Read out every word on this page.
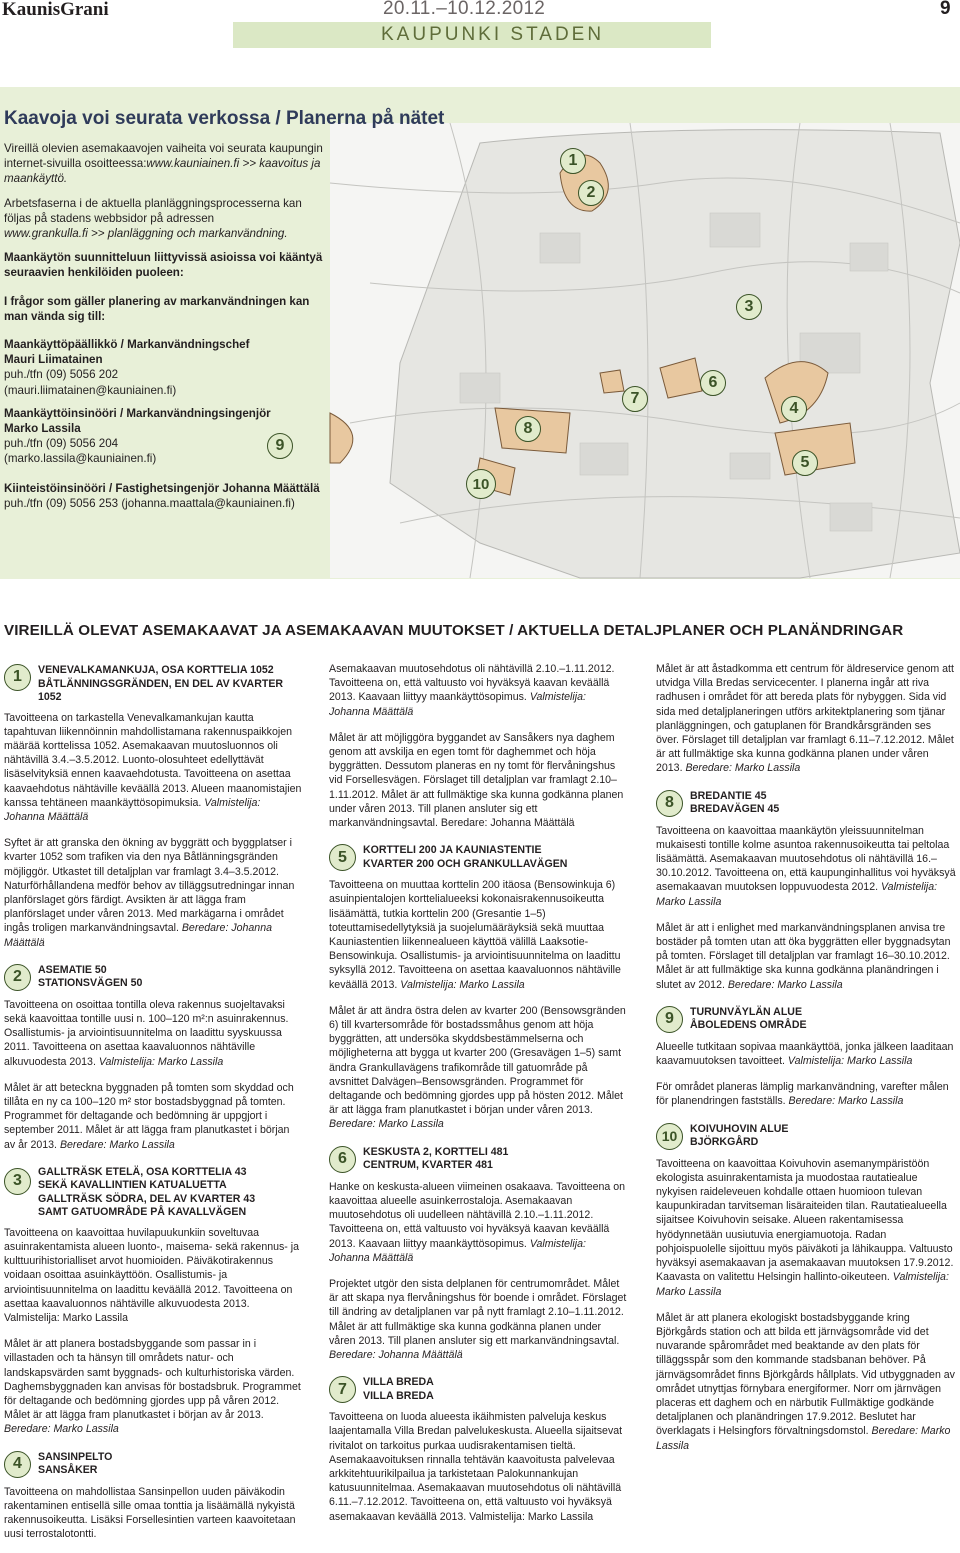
KaunisGrani	20.11.–10.12.2012	9
KAUPUNKI STADEN
1
2
3
4
5
6
7
8
9
10
Kaavoja voi seurata verkossa / Planerna på nätet

Vireillä olevien asemakaavojen vaiheita voi seurata kaupungin internet-sivuilla osoitteessa:www.kauniainen.fi >> kaavoitus ja maankäyttö.

Arbetsfaserna i de aktuella planläggningsprocesserna kan följas på stadens webbsidor på adressen
www.grankulla.fi >> planläggning och markanvändning.

Maankäytön suunnitteluun liittyvissä asioissa voi kääntyä seuraavien henkilöiden puoleen:

I frågor som gäller planering av markanvändningen kan man vända sig till:

Maankäyttöpäällikkö / Markanvändningschef
Mauri Liimatainen
puh./tfn (09) 5056 202
(mauri.liimatainen@kauniainen.fi)
Maankäyttöinsinööri / Markanvändningsingenjör
Marko Lassila
puh./tfn (09) 5056 204
(marko.lassila@kauniainen.fi)
Kiinteistöinsinööri / Fastighetsingenjör Johanna Määttälä
puh./tfn (09) 5056 253 (johanna.maattala@kauniainen.fi)
VIREILLÄ OLEVAT ASEMAKAAVAT JA ASEMAKAAVAN MUUTOKSET / AKTUELLA DETALJPLANER OCH PLANÄNDRINGAR
1	VENEVALKAMANKUJA, OSA KORTTELIA 1052
BÅTLÄNNINGSGRÄNDEN, EN DEL AV KVARTER 1052

Tavoitteena on tarkastella Venevalkamankujan kautta tapahtuvan liikennöinnin mahdollistamana rakennuspaikkojen määrää korttelissa 1052. Asemakaavan muutosluonnos oli nähtävillä 3.4.–3.5.2012. Luonto-olosuhteet edellyttävät lisäselvityksiä ennen kaavaehdotusta. Tavoitteena on asettaa kaavaehdotus nähtäville keväällä 2013. Alueen maanomistajien kanssa tehtäneen maankäyttösopimuksia. Valmistelija: Johanna Määttälä

Syftet är att granska den ökning av byggrätt och byggplatser i kvarter 1052 som trafiken via den nya Båtlänningsgränden möjliggör. Utkastet till detaljplan var framlagt 3.4–3.5.2012. Naturförhållandena medför behov av tilläggsutredningar innan planförslaget görs färdigt. Avsikten är att lägga fram planförslaget under våren 2013. Med markägarna i området ingås troligen markanvändningsavtal. Beredare: Johanna Määttälä

2	ASEMATIE 50
STATIONSVÄGEN 50

Tavoitteena on osoittaa tontilla oleva rakennus suojeltavaksi sekä kaavoittaa tontille uusi n. 100–120 m²:n asuinrakennus. Osallistumis- ja arviointisuunnitelma on laadittu syyskuussa 2011. Tavoitteena on asettaa kaavaluonnos nähtäville alkuvuodesta 2013. Valmistelija: Marko Lassila

Målet är att beteckna byggnaden på tomten som skyddad och tillåta en ny ca 100–120 m² stor bostadsbyggnad på tomten. Programmet för deltagande och bedömning är uppgjort i september 2011. Målet är att lägga fram planutkastet i början av år 2013. Beredare: Marko Lassila

3
GALLTRÄSK ETELÄ, OSA KORTTELIA 43
SEKÄ KAVALLINTIEN KATUALUETTA
GALLTRÄSK SÖDRA, DEL AV KVARTER 43
SAMT GATUOMRÅDE PÅ KAVALLVÄGEN

Tavoitteena on kaavoittaa huvilapuukunkiin soveltuvaa asuinrakentamista alueen luonto-, maisema- sekä rakennus- ja kulttuurihistorialliset arvot huomioiden. Päiväkotirakennus voidaan osoittaa asuinkäyttöön. Osallistumis- ja arviointisuunnitelma on laadittu keväällä 2012. Tavoitteena on asettaa kaavaluonnos nähtäville alkuvuodesta 2013. Valmistelija: Marko Lassila

Målet är att planera bostadsbyggande som passar in i villastaden och ta hänsyn till områdets natur- och landskapsvärden samt byggnads- och kulturhistoriska värden. Daghemsbyggnaden kan anvisas för bostadsbruk. Programmet för deltagande och bedömning gjordes upp på våren 2012. Målet är att lägga fram planutkastet i början av år 2013. Beredare: Marko Lassila

4	SANSINPELTO
SANSÅKER

Tavoitteena on mahdollistaa Sansinpellon uuden päiväkodin rakentaminen entisellä sille omaa tonttia ja lisäämällä nykyistä rakennusoikeutta. Lisäksi Forsellesintien varteen kaavoitetaan uusi terrostalotontti.

Asemakaavan muutosehdotus oli nähtävillä 2.10.–1.11.2012. Tavoitteena on, että valtuusto voi hyväksyä kaavan keväällä 2013. Kaavaan liittyy maankäyttösopimus. Valmistelija: Johanna Määttälä

Målet är att möjliggöra byggandet av Sansåkers nya daghem genom att avskilja en egen tomt för daghemmet och höja byggrätten. Dessutom planeras en ny tomt för flervåningshus vid Forsellesvägen. Förslaget till detaljplan var framlagt 2.10–1.11.2012. Målet är att fullmäktige ska kunna godkänna planen under våren 2013. Till planen ansluter sig ett markanvändningsavtal. Beredare: Johanna Määttälä

5	KORTTELI 200 JA KAUNIASTENTIE
KVARTER 200 OCH GRANKULLAVÄGEN

Tavoitteena on muuttaa korttelin 200 itäosa (Bensowinkuja 6) asuinpientalojen korttelialueeksi kokonaisrakennusoikeutta lisäämättä, tutkia korttelin 200 (Gresantie 1–5) toteuttamisedellytyksiä ja suojelumääräyksiä sekä muuttaa Kauniastentien liikennealueen käyttöä välillä Laaksotie-Bensowinkuja. Osallistumis- ja arviointisuunnitelma on laadittu syksyllä 2012. Tavoitteena on asettaa kaavaluonnos nähtäville keväällä 2013. Valmistelija: Marko Lassila

Målet är att ändra östra delen av kvarter 200 (Bensowsgränden 6) till kvartersområde för bostadssmåhus genom att höja byggrätten, att undersöka skyddsbestämmelserna och möjligheterna att bygga ut kvarter 200 (Gresavägen 1–5) samt ändra Grankullavägens trafikområde till gatuområde på avsnittet Dalvägen–Bensowsgränden. Programmet för deltagande och bedömning gjordes upp på hösten 2012. Målet är att lägga fram planutkastet i början under våren 2013. Beredare: Marko Lassila

6	KESKUSTA 2, KORTTELI 481
CENTRUM, KVARTER 481

Hanke on keskusta-alueen viimeinen osakaava. Tavoitteena on kaavoittaa alueelle asuinkerrostaloja. Asemakaavan muutosehdotus oli uudelleen nähtävillä 2.10.–1.11.2012. Tavoitteena on, että valtuusto voi hyväksyä kaavan keväällä 2013. Kaavaan liittyy maankäyttösopimus. Valmistelija: Johanna Määttälä

Projektet utgör den sista delplanen för centrumområdet. Målet är att skapa nya flervåningshus för boende i området. Förslaget till ändring av detaljplanen var på nytt framlagt 2.10–1.11.2012. Målet är att fullmäktige ska kunna godkänna planen under våren 2013. Till planen ansluter sig ett markanvändningsavtal. Beredare: Johanna Määttälä

7	VILLA BREDA
VILLA BREDA

Tavoitteena on luoda alueesta ikäihmisten palveluja keskus laajentamalla Villa Bredan palvelukeskusta. Alueella sijaitsevat rivitalot on tarkoitus purkaa uudisrakentamisen tieltä. Asemakaavoituksen rinnalla tehtävän kaavoitusta palvelevaa arkkitehtuurikilpailua ja tarkistetaan Palokunnankujan katusuunnitelmaa. Asemakaavan muutosehdotus oli nähtävillä 6.11.–7.12.2012. Tavoitteena on, että valtuusto voi hyväksyä asemakaavan keväällä 2013. Valmistelija: Marko Lassila

Målet är att åstadkomma ett centrum för äldreservice genom att utvidga Villa Bredas servicecenter. I planerna ingår att riva radhusen i området för att bereda plats för nybyggen. Sida vid sida med detaljplaneringen utförs arkitektplanering som tjänar planläggningen, och gatuplanen för Brandkårsgränden ses över. Förslaget till detaljplan var framlagt 6.11–7.12.2012. Målet är att fullmäktige ska kunna godkänna planen under våren 2013. Beredare: Marko Lassila

8	BREDANTIE 45
BREDAVÄGEN 45

Tavoitteena on kaavoittaa maankäytön yleissuunnitelman mukaisesti tontille kolme asuntoa rakennusoikeutta tai peltolaa lisäämättä. Asemakaavan muutosehdotus oli nähtävillä 16.–30.10.2012. Tavoitteena on, että kaupunginhallitus voi hyväksyä asemakaavan muutoksen loppuvuodesta 2012. Valmistelija: Marko Lassila

Målet är att i enlighet med markanvändningsplanen anvisa tre bostäder på tomten utan att öka byggrätten eller byggnadsytan på tomten. Förslaget till detaljplan var framlagt 16–30.10.2012. Målet är att fullmäktige ska kunna godkänna planändringen i slutet av 2012. Beredare: Marko Lassila

9	TURUNVÄYLÄN ALUE
ÅBOLEDENS OMRÅDE

Alueelle tutkitaan sopivaa maankäyttöä, jonka jälkeen laaditaan kaavamuutoksen tavoitteet. Valmistelija: Marko Lassila

För området planeras lämplig markanvändning, varefter målen för planendringen fastställs. Beredare: Marko Lassila

10	KOIVUHOVIN ALUE
BJÖRKGÅRD

Tavoitteena on kaavoittaa Koivuhovin asemanympäristöön ekologista asuinrakentamista ja muodostaa rautatiealue nykyisen raideleveuen kohdalle ottaen huomioon tulevan kaupunkiradan tarvitseman lisäraiteiden tilan. Rautatiealueella sijaitsee Koivuhovin seisake. Alueen rakentamisessa hyödynnetään uusiutuvia energiamuotoja. Radan pohjoispuolelle sijoittuu myös päiväkoti ja lähikauppa. Valtuusto hyväksyi asemakaavan ja asemakaavan muutoksen 17.9.2012. Kaavasta on valitettu Helsingin hallinto-oikeuteen. Valmistelija: Marko Lassila

Målet är att planera ekologiskt bostadsbyggande kring Björkgårds station och att bilda ett järnvägsområde vid det nuvarande spårområdet med beaktande av den plats för tilläggsspår som den kommande stadsbanan behöver. På järnvägsområdet finns Björkgårds hållplats. Vid utbyggnaden av området utnyttjas förnybara energiformer. Norr om järnvägen placeras ett daghem och en närbutik Fullmäktige godkände detaljplanen och planändringen 17.9.2012. Beslutet har överklagats i Helsingfors förvaltningsdomstol. Beredare: Marko Lassila
